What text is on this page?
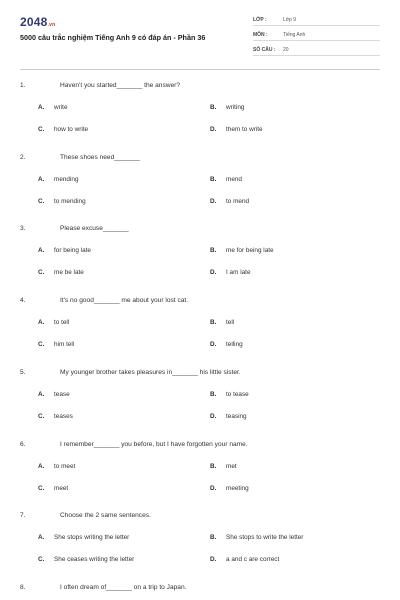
2048.vn
5000 câu trắc nghiệm Tiếng Anh 9 có đáp án - Phần 36
LỚP :	Lớp 9
MÔN :	Tiếng Anh
SỐ CÂU : 20
1.	Haven't you started_______ the answer?
A. write	B. writing
C. how to write	D. them to write
2.	These shoes need_______
A. mending	B. mend
C. to mending	D. to mend
3.	Please excuse_______
A. for being late	B. me for being late
C. me be late	D. I am late
4.	It's no good_______ me about your lost cat.
A. to tell	B. tell
C. him tell	D. telling
5.	My younger brother takes pleasures in_______ his little sister.
A. tease	B. to tease
C. teases	D. teasing
6.	I remember_______ you before, but I have forgotten your name.
A. to meet	B. met
C. meet	D. meeting
7.	Choose the 2 same sentences.
A. She stops writing the letter	B. She stops to write the letter
C. She ceases writing the letter	D. a and c are correct
8.	I often dream of_______ on a trip to Japan.
